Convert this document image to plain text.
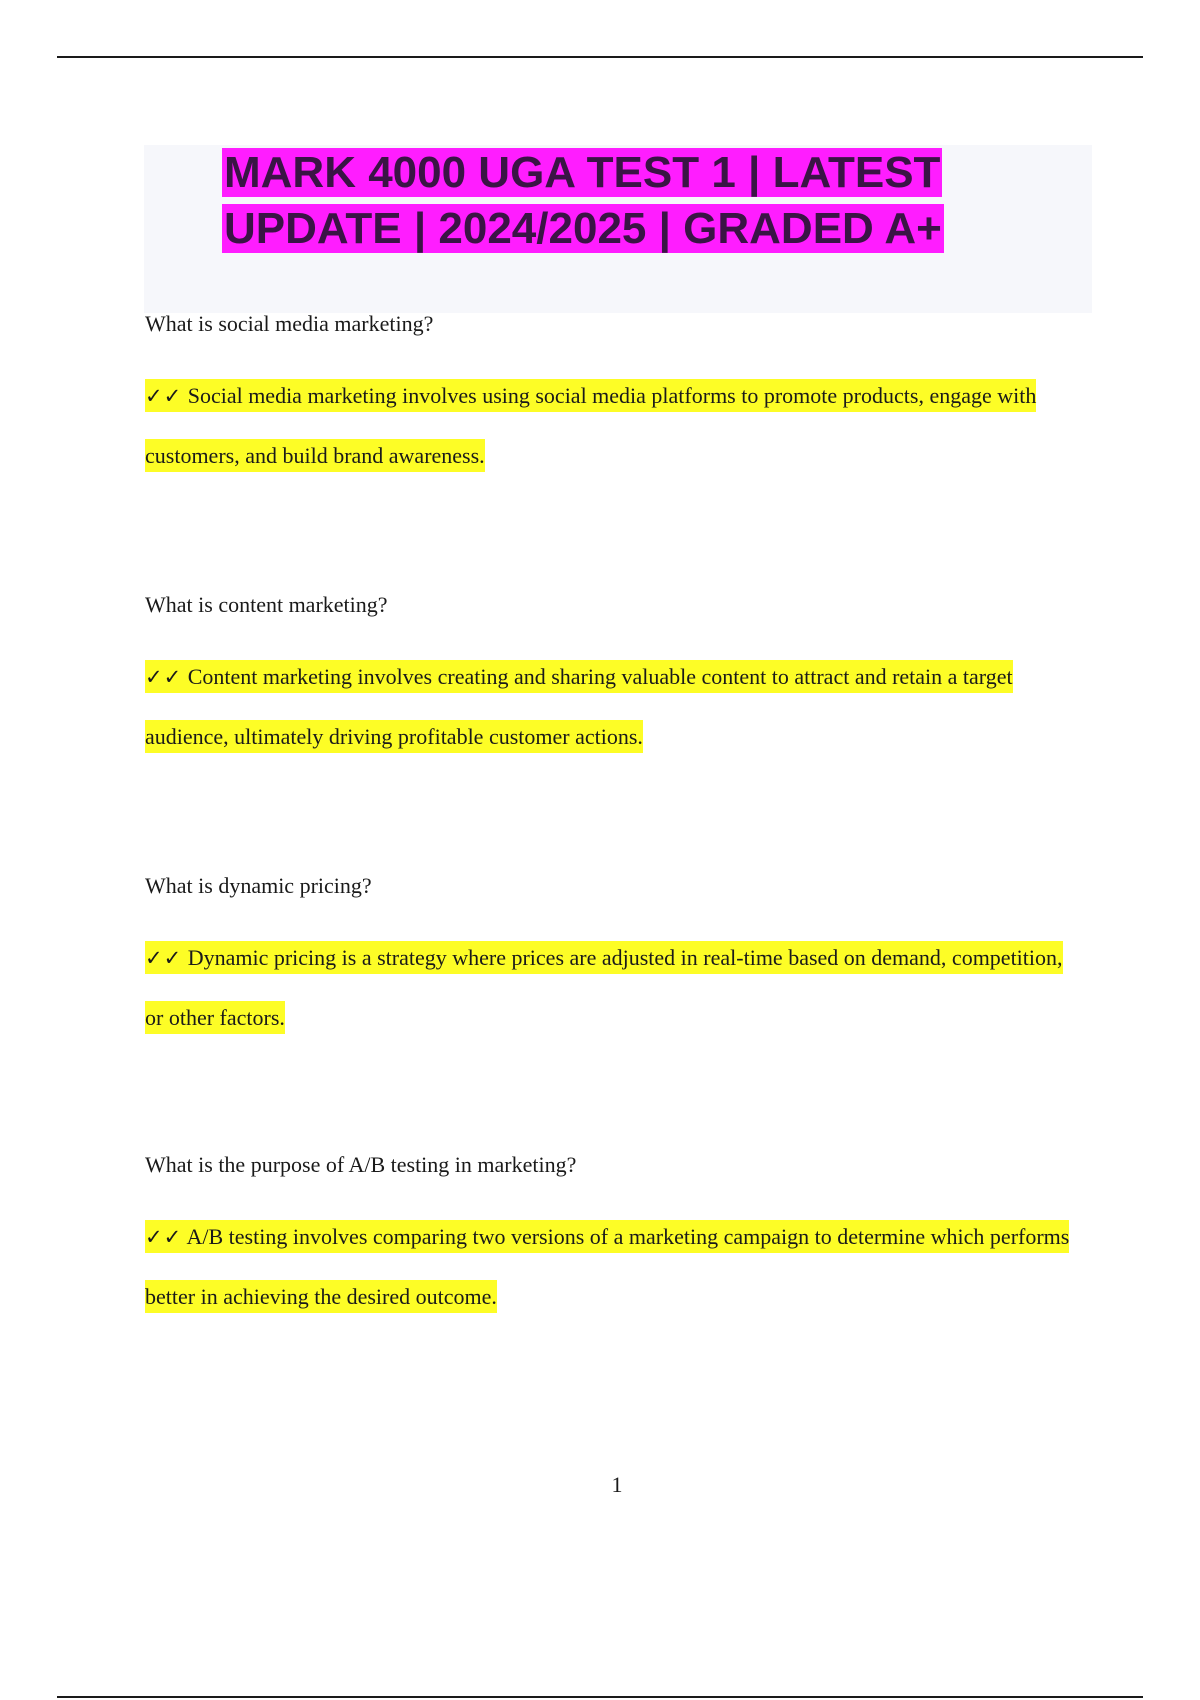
MARK 4000 UGA TEST 1 | LATEST UPDATE | 2024/2025 | GRADED A+

What is social media marketing?

✓✓ Social media marketing involves using social media platforms to promote products, engage with customers, and build brand awareness.

What is content marketing?

✓✓ Content marketing involves creating and sharing valuable content to attract and retain a target audience, ultimately driving profitable customer actions.

What is dynamic pricing?

✓✓ Dynamic pricing is a strategy where prices are adjusted in real-time based on demand, competition, or other factors.

What is the purpose of A/B testing in marketing?

✓✓ A/B testing involves comparing two versions of a marketing campaign to determine which performs better in achieving the desired outcome.

1
